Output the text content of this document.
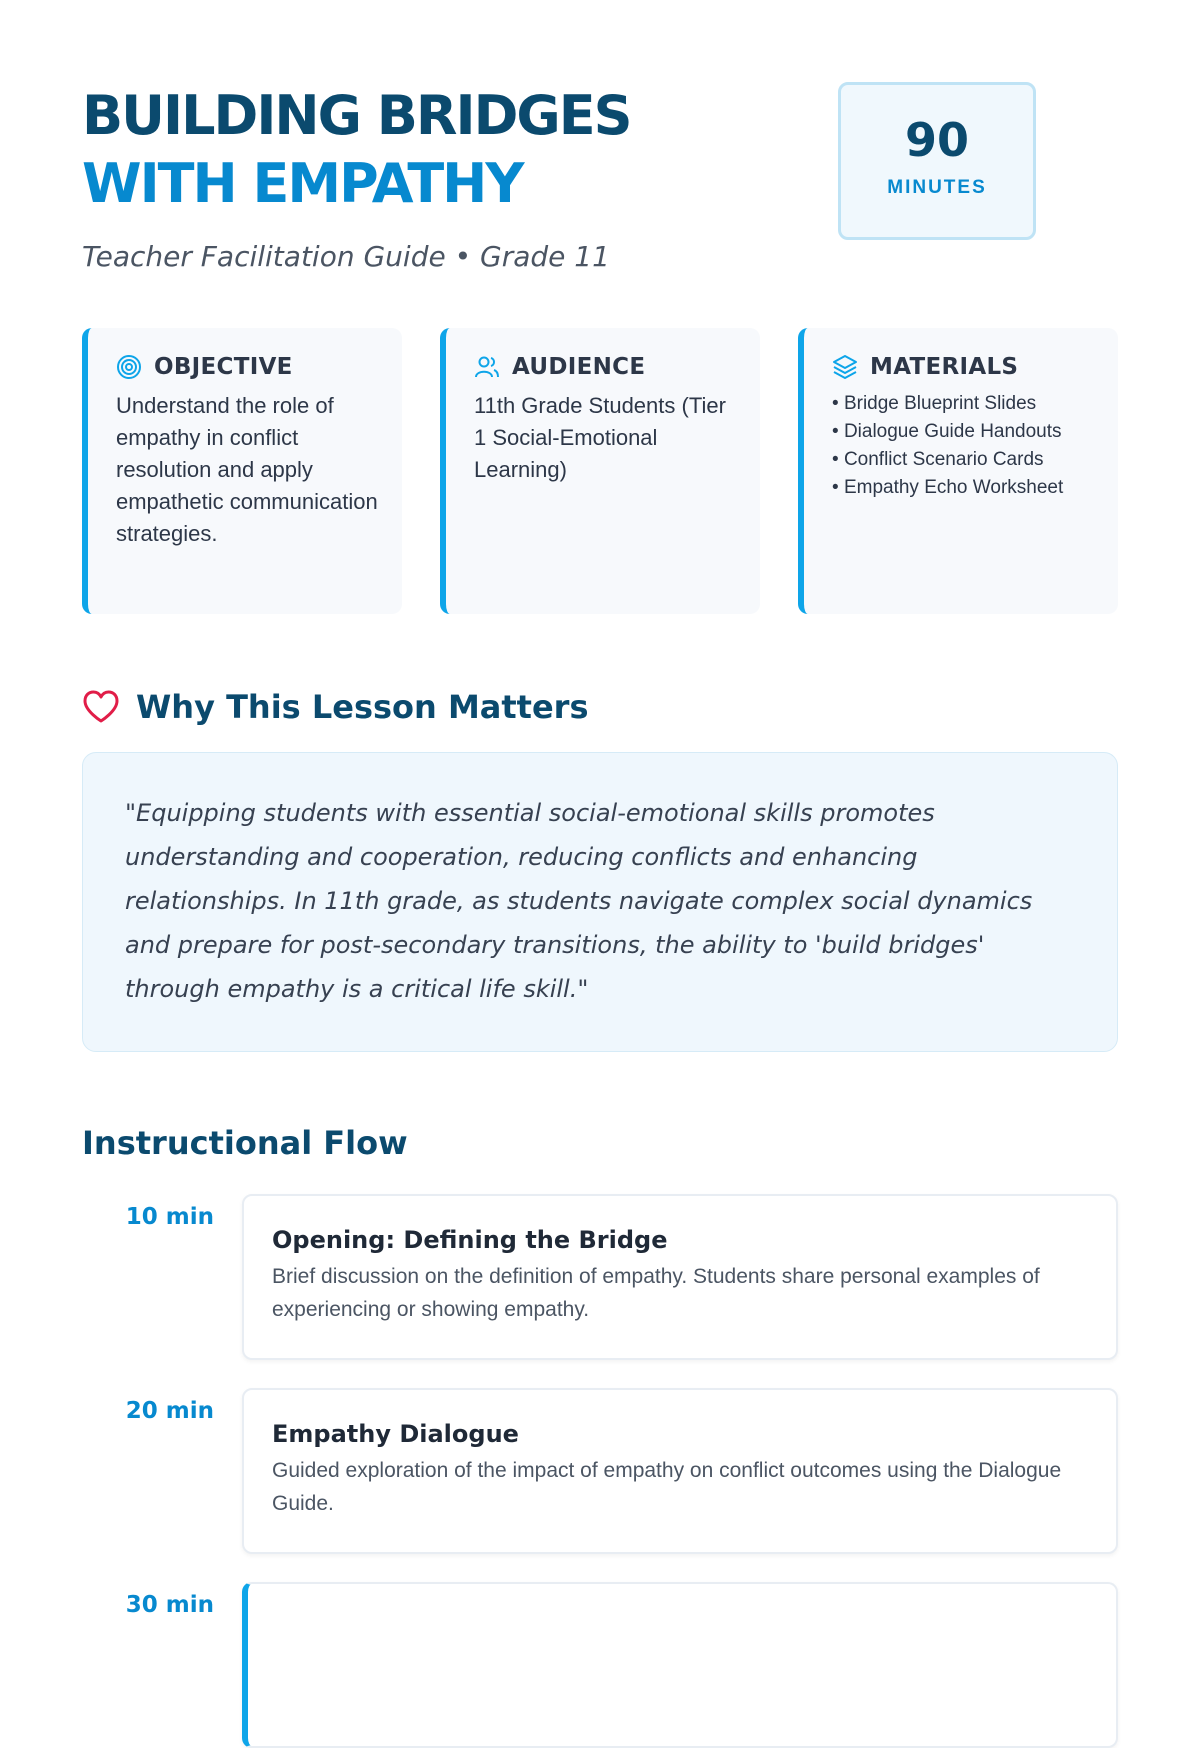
BUILDING BRIDGES
WITH EMPATHY
Teacher Facilitation Guide • Grade 11
90
MINUTES
OBJECTIVE
Understand the role of empathy in conflict resolution and apply empathetic communication strategies.
AUDIENCE
11th Grade Students (Tier 1 Social-Emotional Learning)
MATERIALS
• Bridge Blueprint Slides
• Dialogue Guide Handouts
• Conflict Scenario Cards
• Empathy Echo Worksheet
Why This Lesson Matters

"Equipping students with essential social-emotional skills promotes understanding and cooperation, reducing conflicts and enhancing relationships. In 11th grade, as students navigate complex social dynamics and prepare for post-secondary transitions, the ability to 'build bridges' through empathy is a critical life skill."

Instructional Flow
10 min
Opening: Defining the Bridge
Brief discussion on the definition of empathy. Students share personal examples of experiencing or showing empathy.
20 min
Empathy Dialogue
Guided exploration of the impact of empathy on conflict outcomes using the Dialogue Guide.
30 min
